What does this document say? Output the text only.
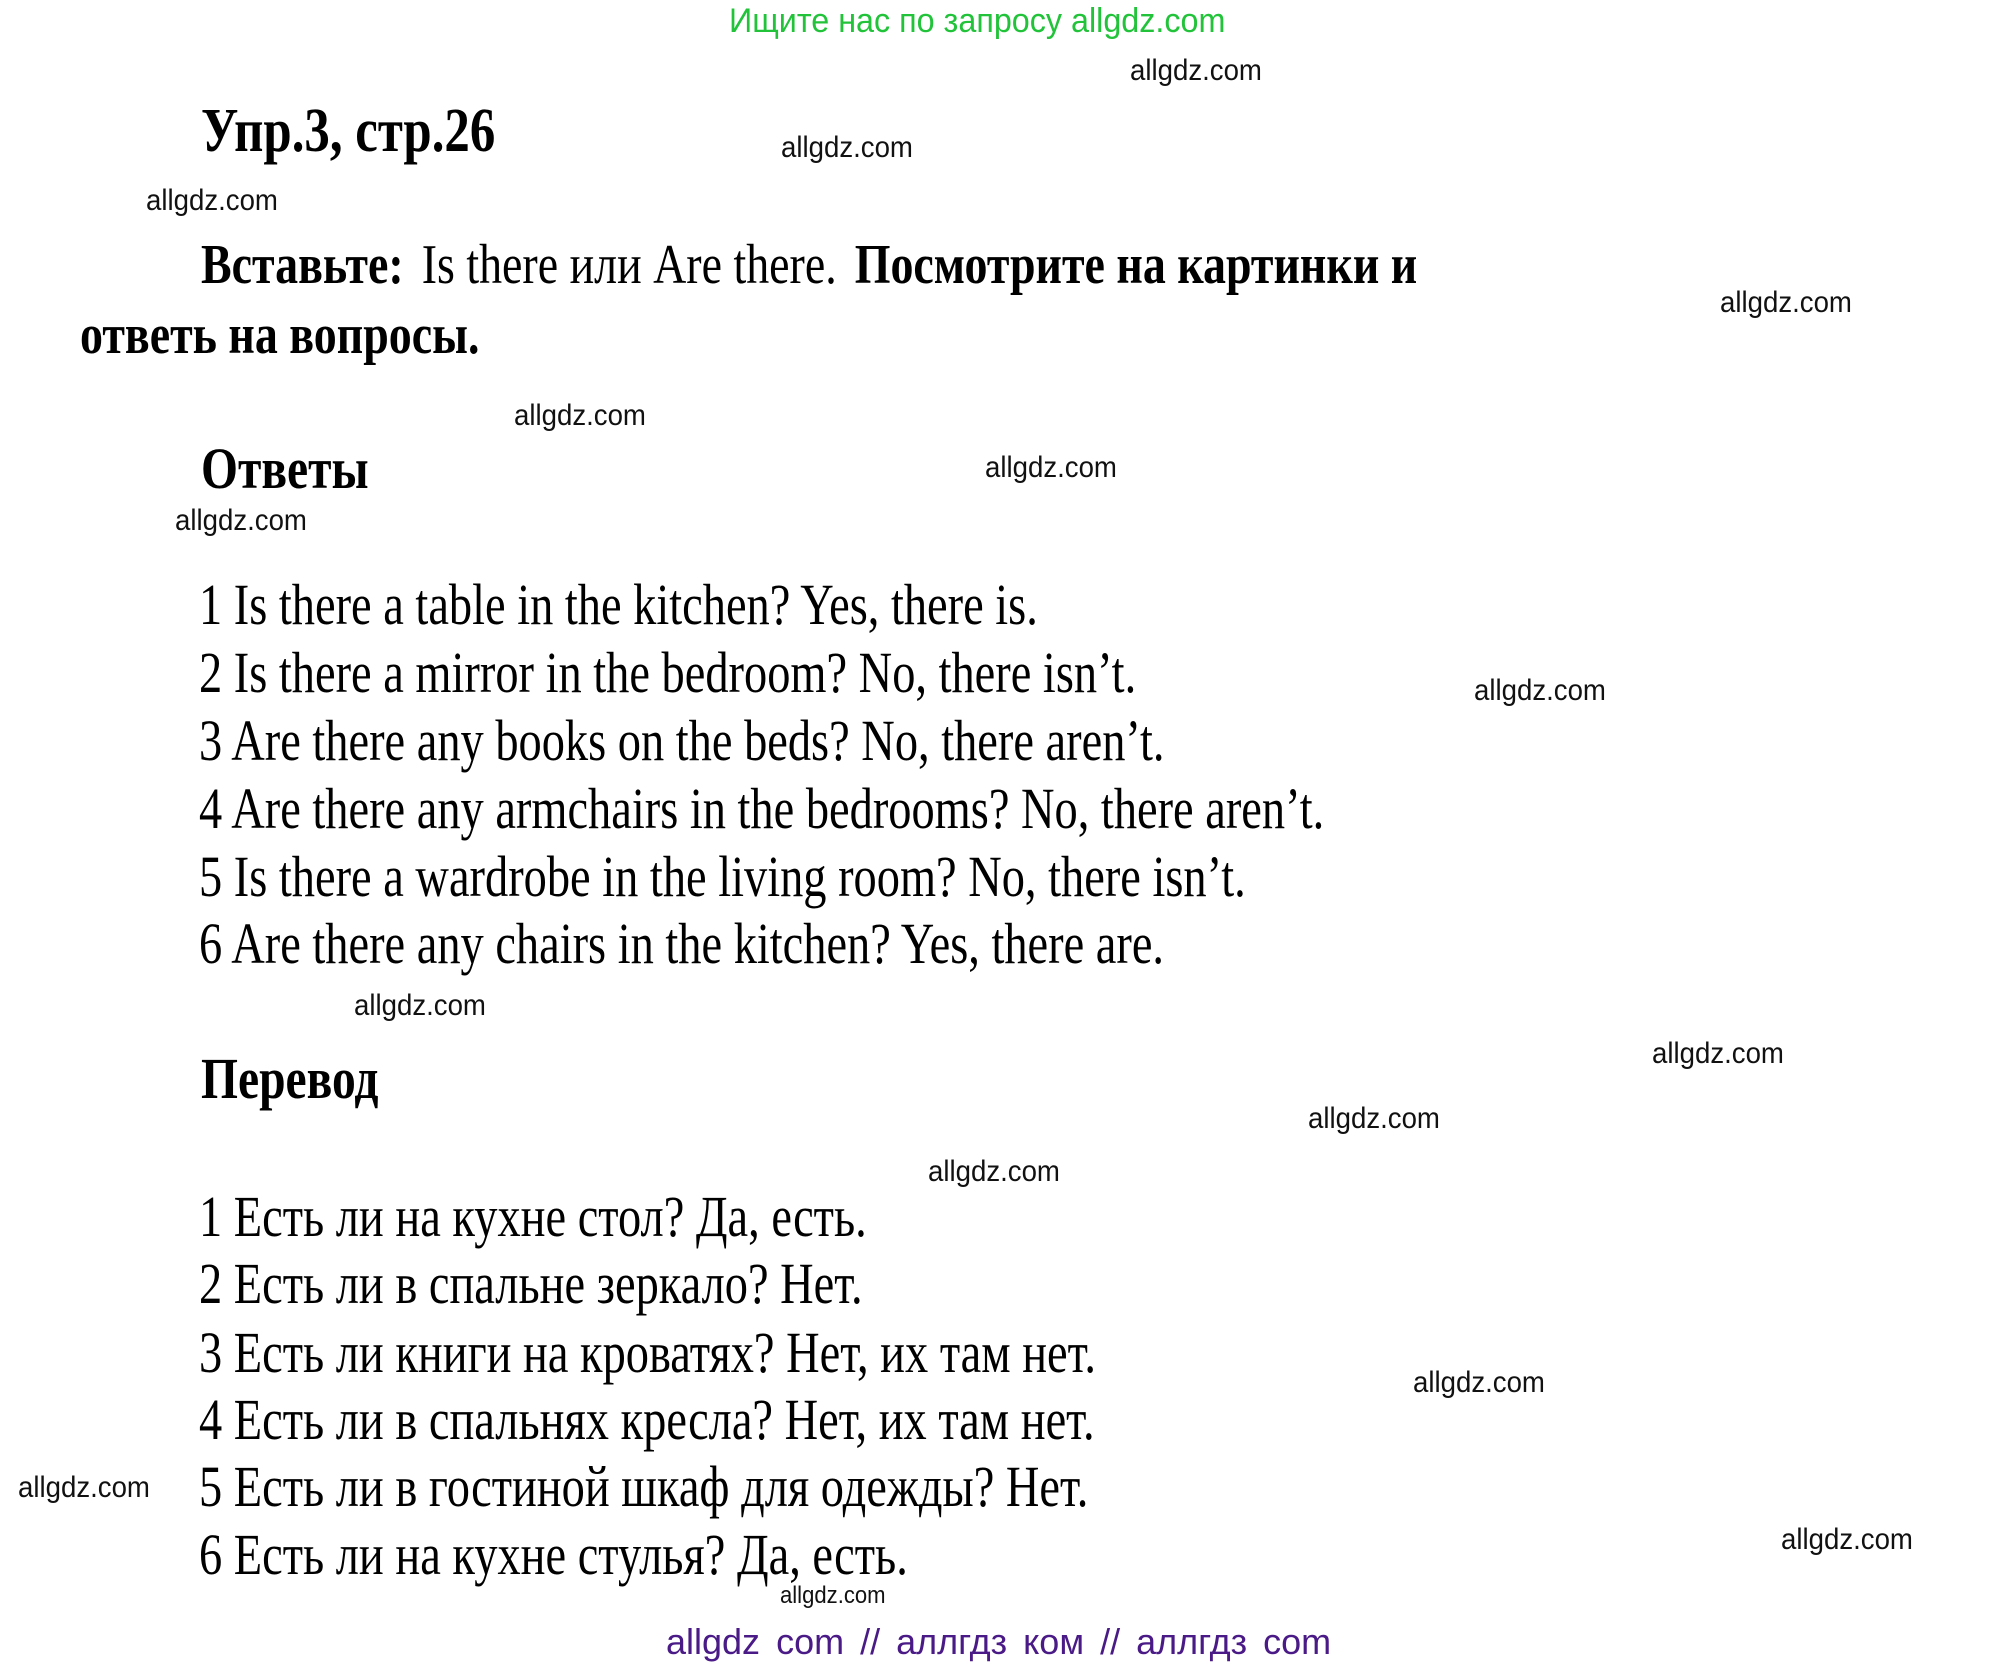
Ищите нас по запросу allgdz.com
Упр.3, стр.26
Вставьте: Is there или Are there. Посмотрите на картинки и
ответь на вопросы.
Ответы
1 Is there a table in the kitchen? Yes, there is.
2 Is there a mirror in the bedroom? No, there isn’t.
3 Are there any books on the beds? No, there aren’t.
4 Are there any armchairs in the bedrooms? No, there aren’t.
5 Is there a wardrobe in the living room? No, there isn’t.
6 Are there any chairs in the kitchen? Yes, there are.
Перевод
1 Есть ли на кухне стол? Да, есть.
2 Есть ли в спальне зеркало? Нет.
3 Есть ли книги на кроватях? Нет, их там нет.
4 Есть ли в спальнях кресла? Нет, их там нет.
5 Есть ли в гостиной шкаф для одежды? Нет.
6 Есть ли на кухне стулья? Да, есть.
allgdz.com
allgdz.com
allgdz.com
allgdz.com
allgdz.com
allgdz.com
allgdz.com
allgdz.com
allgdz.com
allgdz.com
allgdz.com
allgdz.com
allgdz.com
allgdz.com
allgdz.com
allgdz.com
allgdz com // аллгдз ком // аллгдз com
